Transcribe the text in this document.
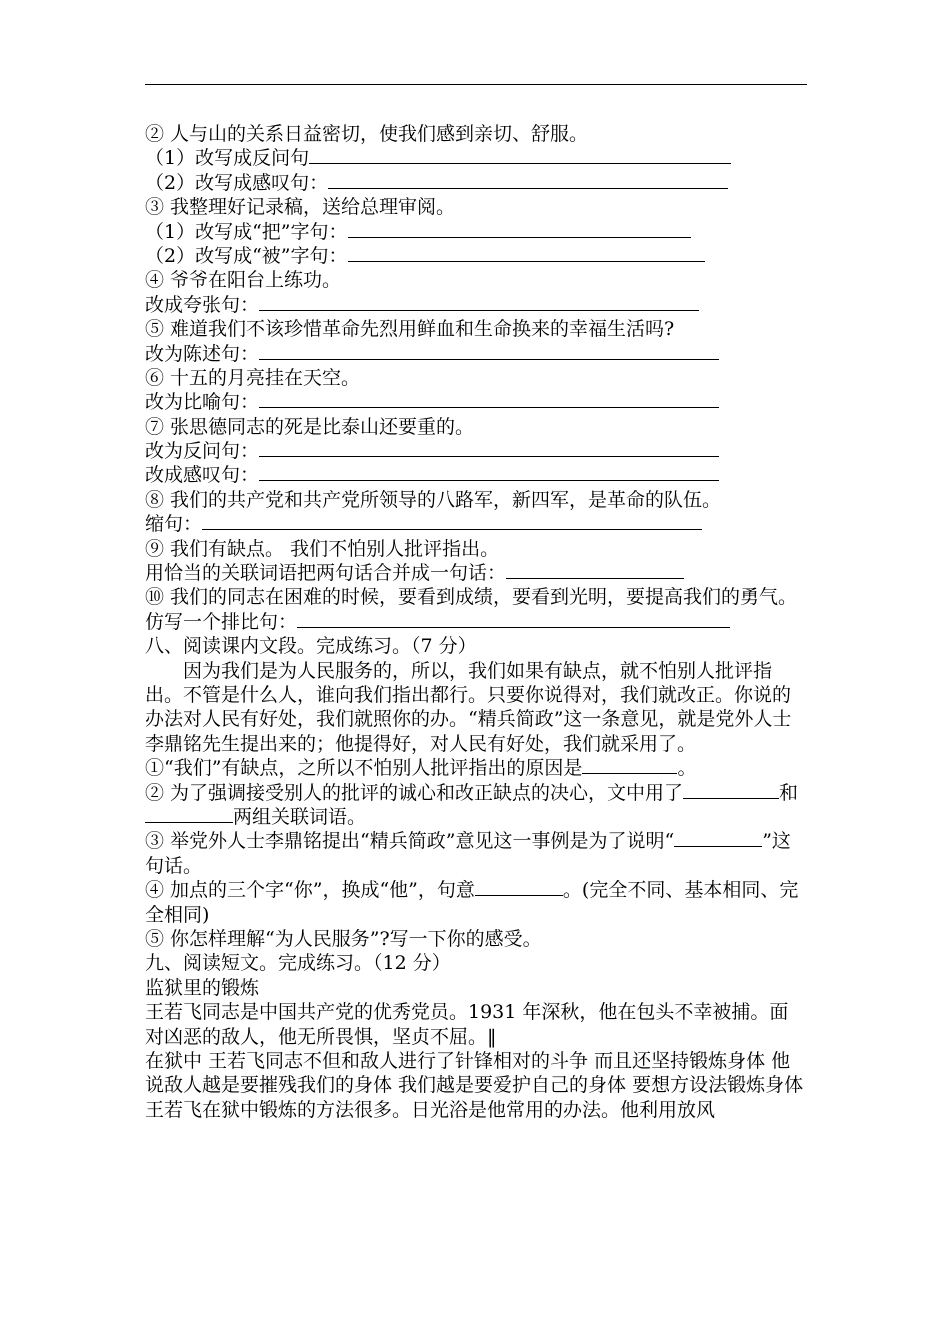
② 人与山的关系日益密切，使我们感到亲切、舒服。
（1）改写成反问句
（2）改写成感叹句：
③ 我整理好记录稿，送给总理审阅。
（1）改写成“把”字句：
（2）改写成“被”字句：
④ 爷爷在阳台上练功。
改成夸张句：
⑤ 难道我们不该珍惜革命先烈用鲜血和生命换来的幸福生活吗?
改为陈述句：
⑥ 十五的月亮挂在天空。
改为比喻句：
⑦ 张思德同志的死是比泰山还要重的。
改为反问句：
改成感叹句：
⑧ 我们的共产党和共产党所领导的八路军，新四军，是革命的队伍。
缩句：
⑨ 我们有缺点。 我们不怕别人批评指出。
用恰当的关联词语把两句话合并成一句话：
⑩ 我们的同志在困难的时候，要看到成绩，要看到光明，要提高我们的勇气。
仿写一个排比句：
八、阅读课内文段。完成练习。（7 分）
因为我们是为人民服务的，所以，我们如果有缺点，就不怕别人批评指出。不管是什么人，谁向我们指出都行。只要你说得对，我们就改正。你说的办法对人民有好处，我们就照你的办。“精兵简政”这一条意见，就是党外人士李鼎铭先生提出来的；他提得好，对人民有好处，我们就采用了。
①“我们”有缺点，之所以不怕别人批评指出的原因是	。
② 为了强调接受别人的批评的诚心和改正缺点的决心，文中用了	和两组关联词语。
③ 举党外人士李鼎铭提出“精兵简政”意见这一事例是为了说明“	”这句话。
④ 加点的三个字“你”，换成“他”，句意	。(完全不同、基本相同、完全相同)
⑤ 你怎样理解“为人民服务”?写一下你的感受。
九、阅读短文。完成练习。（12 分）
监狱里的锻炼
王若飞同志是中国共产党的优秀党员。1931 年深秋，他在包头不幸被捕。面对凶恶的敌人，他无所畏惧，坚贞不屈。‖
在狱中 王若飞同志不但和敌人进行了针锋相对的斗争 而且还坚持锻炼身体 他说敌人越是要摧残我们的身体 我们越是要爱护自己的身体 要想方设法锻炼身体
王若飞在狱中锻炼的方法很多。日光浴是他常用的办法。他利用放风
